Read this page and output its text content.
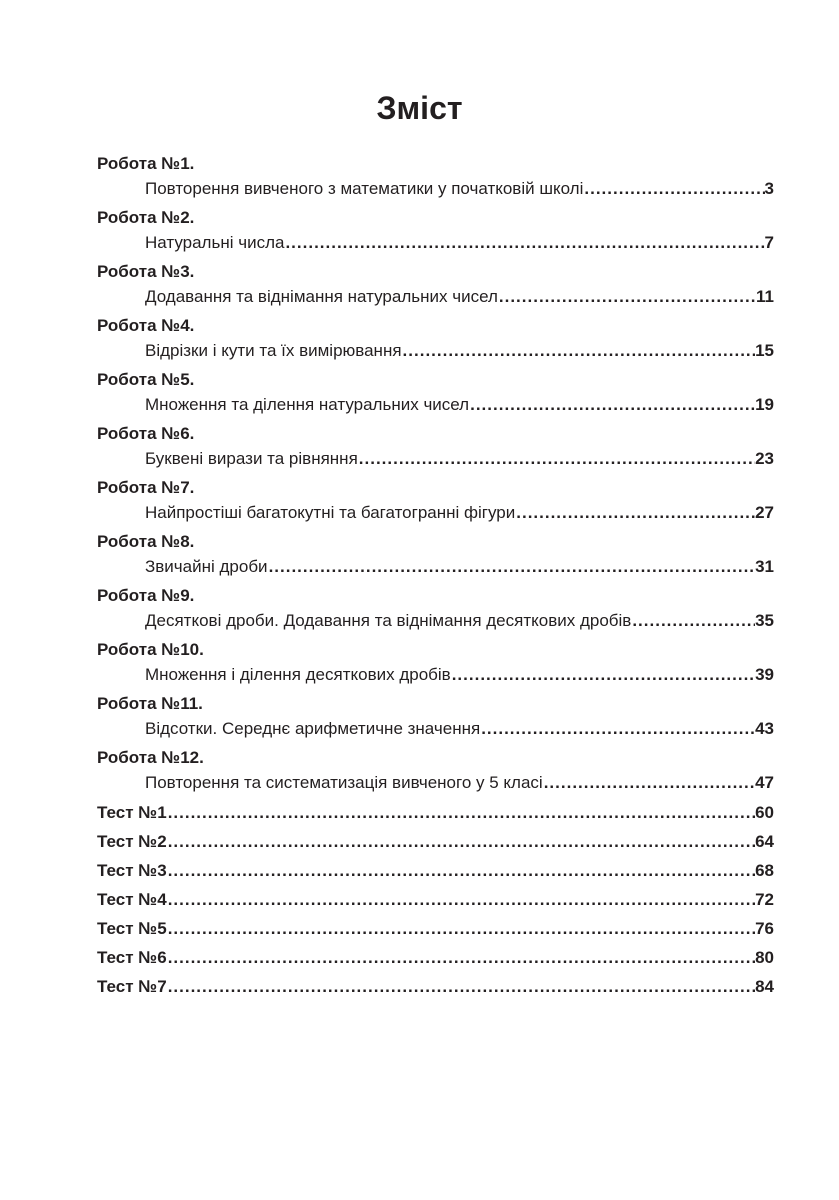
Зміст
Робота №1.
Повторення вивченого з математики у початковій школі .....	3
Робота №2.
Натуральні числа .....	7
Робота №3.
Додавання та віднімання натуральних чисел .....	11
Робота №4.
Відрізки і кути та їх вимірювання .....	15
Робота №5.
Множення та ділення натуральних чисел .....	19
Робота №6.
Буквені вирази та рівняння .....	23
Робота №7.
Найпростіші багатокутні та багатогранні фігури .....	27
Робота №8.
Звичайні дроби .....	31
Робота №9.
Десяткові дроби. Додавання та віднімання десяткових дробів .....	35
Робота №10.
Множення і ділення десяткових дробів .....	39
Робота №11.
Відсотки. Середнє арифметичне значення .....	43
Робота №12.
Повторення та систематизація вивченого у 5 класі .....	47
Тест №1 .....	60
Тест №2 .....	64
Тест №3 .....	68
Тест №4 .....	72
Тест №5 .....	76
Тест №6 .....	80
Тест №7 .....	84
